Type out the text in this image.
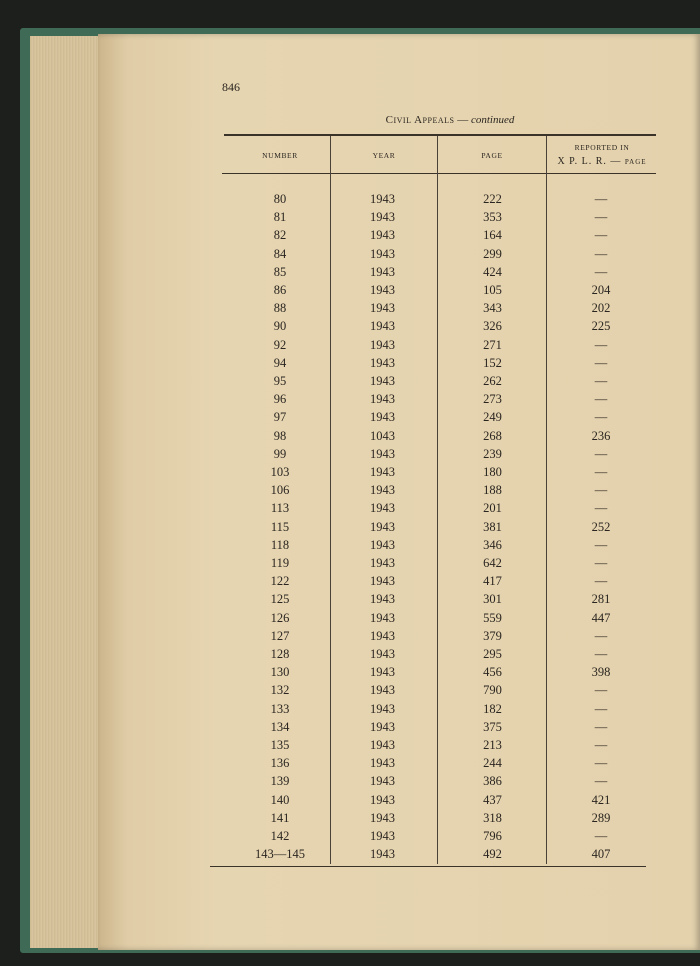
846
Civil Appeals — continued
NUMBER	YEAR	PAGE
REPORTED IN
X P. L. R. — PAGE
80	1943	222	—
81	1943	353	—
82	1943	164	—
84	1943	299	—
85	1943	424	—
86	1943	105	204
88	1943	343	202
90	1943	326	225
92	1943	271	—
94	1943	152	—
95	1943	262	—
96	1943	273	—
97	1943	249	—
98	1043	268	236
99	1943	239	—
103	1943	180	—
106	1943	188	—
113	1943	201	—
115	1943	381	252
118	1943	346	—
119	1943	642	—
122	1943	417	—
125	1943	301	281
126	1943	559	447
127	1943	379	—
128	1943	295	—
130	1943	456	398
132	1943	790	—
133	1943	182	—
134	1943	375	—
135	1943	213	—
136	1943	244	—
139	1943	386	—
140	1943	437	421
141	1943	318	289
142	1943	796	—
143—145	1943	492	407
